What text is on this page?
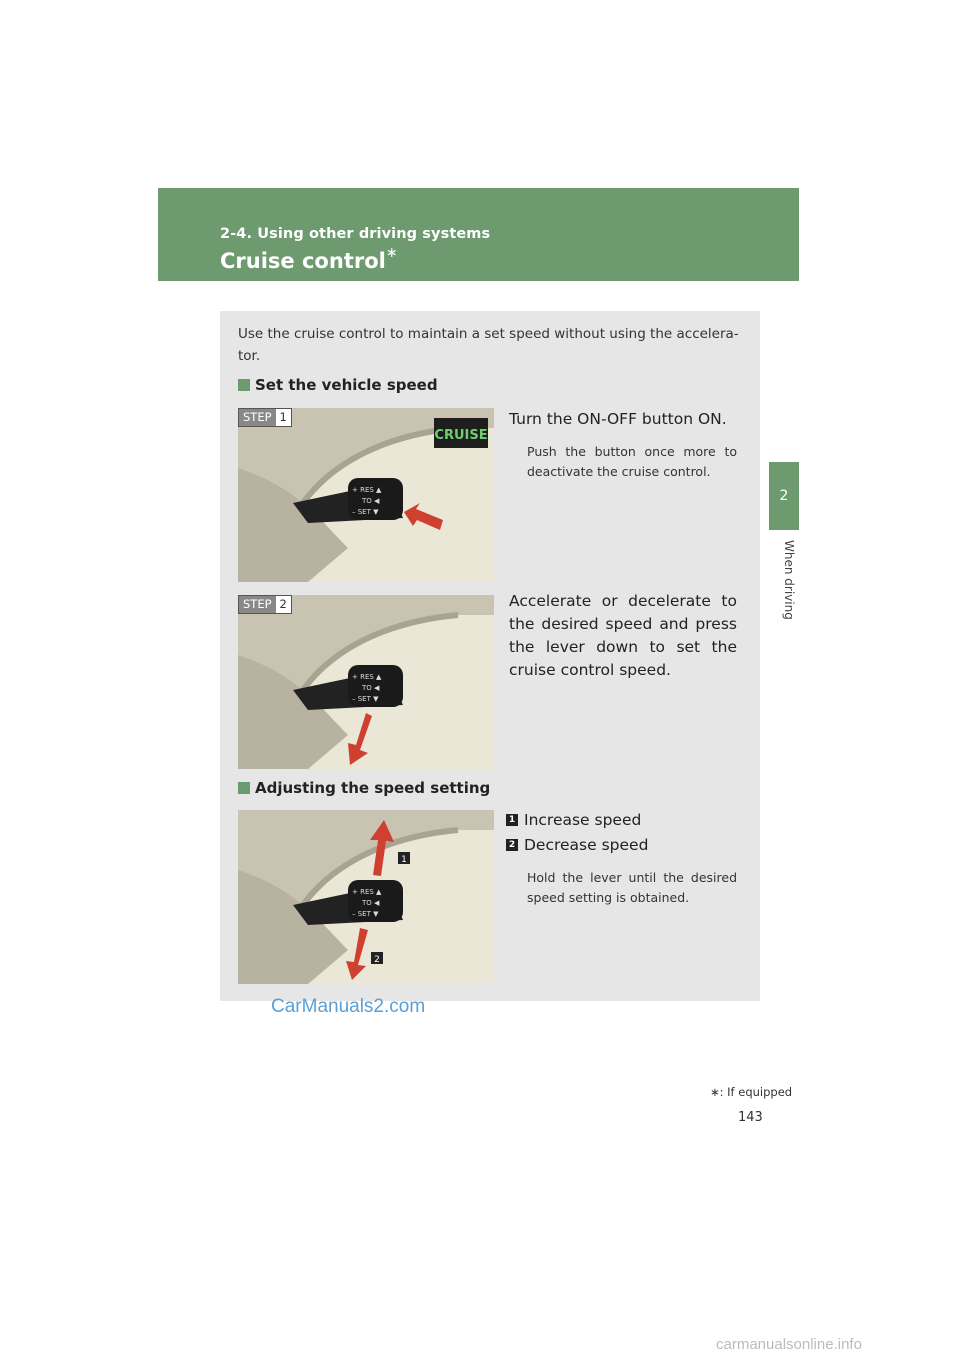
2-4. Using other driving systems
Cruise control∗
2
When driving
Use the cruise control to maintain a set speed without using the accelera-tor.
Set the vehicle speed
+ RES ▲
TO ◀
– SET ▼
CRUISE
STEP 1	Turn the ON-OFF button ON.
Push the button once more to deactivate the cruise control.
+ RES ▲
TO ◀
– SET ▼
STEP 2	Accelerate or decelerate to the desired speed and press the lever down to set the cruise control speed.
Adjusting the speed setting
+ RES ▲
TO ◀
– SET ▼
1
2
1 Increase speed
2 Decrease speed
Hold the lever until the desired speed setting is obtained.
CarManuals2.com
∗: If equipped
143
carmanualsonline.info
